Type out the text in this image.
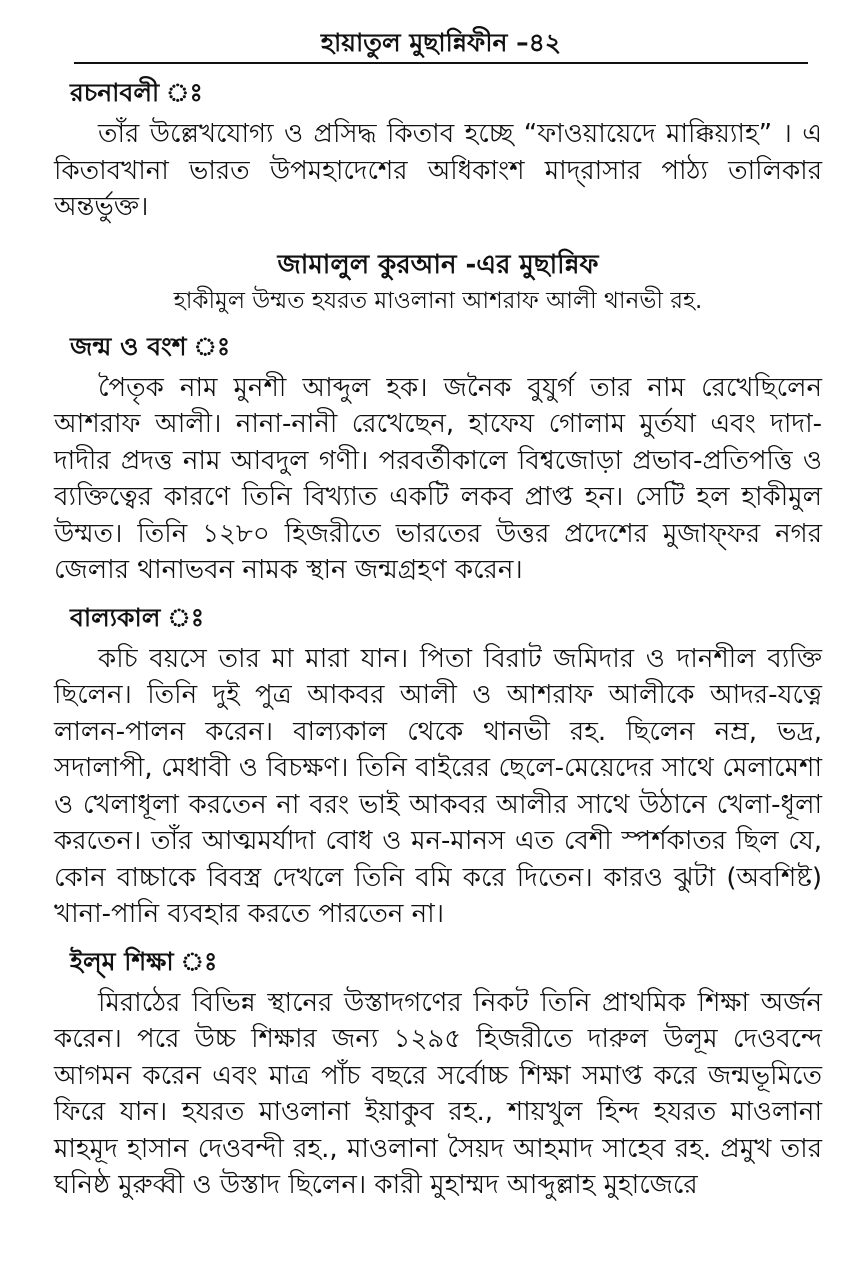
হায়াতুল মুছান্নিফীন –৪২
রচনাবলী ঃ

তাঁর উল্লেখযোগ্য ও প্রসিদ্ধ কিতাব হচ্ছে “ফাওয়ায়েদে মাক্কিয়্যাহ” । এ কিতাবখানা ভারত উপমহাদেশের অধিকাংশ মাদ্‌রাসার পাঠ্য তালিকার অন্তর্ভুক্ত।

জামালুল কুরআন -এর মুছান্নিফ
হাকীমুল উম্মত হযরত মাওলানা আশরাফ আলী থানভী রহ.
জন্ম ও বংশ ঃ

পৈতৃক নাম মুনশী আব্দুল হক। জনৈক বুযুর্গ তার নাম রেখেছিলেন আশরাফ আলী। নানা-নানী রেখেছেন, হাফেয গোলাম মুর্তযা এবং দাদা-দাদীর প্রদত্ত নাম আবদুল গণী। পরবর্তীকালে বিশ্বজোড়া প্রভাব-প্রতিপত্তি ও ব্যক্তিত্বের কারণে তিনি বিখ্যাত একটি লকব প্রাপ্ত হন। সেটি হল হাকীমুল উম্মত। তিনি ১২৮০ হিজরীতে ভারতের উত্তর প্রদেশের মুজাফ্‌ফর নগর জেলার থানাভবন নামক স্থান জন্মগ্রহণ করেন।

বাল্যকাল ঃ

কচি বয়সে তার মা মারা যান। পিতা বিরাট জমিদার ও দানশীল ব্যক্তি ছিলেন। তিনি দুই পুত্র আকবর আলী ও আশরাফ আলীকে আদর-যত্নে লালন-পালন করেন। বাল্যকাল থেকে থানভী রহ. ছিলেন নম্র, ভদ্র, সদালাপী, মেধাবী ও বিচক্ষণ। তিনি বাইরের ছেলে-মেয়েদের সাথে মেলামেশা ও খেলাধূলা করতেন না বরং ভাই আকবর আলীর সাথে উঠানে খেলা-ধূলা করতেন। তাঁর আত্মমর্যাদা বোধ ও মন-মানস এত বেশী স্পর্শকাতর ছিল যে, কোন বাচ্চাকে বিবস্ত্র দেখলে তিনি বমি করে দিতেন। কারও ঝুটা (অবশিষ্ট) খানা-পানি ব্যবহার করতে পারতেন না।

ইল্‌ম শিক্ষা ঃ

মিরাঠের বিভিন্ন স্থানের উস্তাদগণের নিকট তিনি প্রাথমিক শিক্ষা অর্জন করেন। পরে উচ্চ শিক্ষার জন্য ১২৯৫ হিজরীতে দারুল উলূম দেওবন্দে আগমন করেন এবং মাত্র পাঁচ বছরে সর্বোচ্চ শিক্ষা সমাপ্ত করে জন্মভূমিতে ফিরে যান। হযরত মাওলানা ইয়াকুব রহ., শায়খুল হিন্দ হযরত মাওলানা মাহমূদ হাসান দেওবন্দী রহ., মাওলানা সৈয়দ আহমাদ সাহেব রহ. প্রমুখ তার ঘনিষ্ঠ মুরুব্বী ও উস্তাদ ছিলেন। কারী মুহাম্মদ আব্দুল্লাহ মুহাজেরে
